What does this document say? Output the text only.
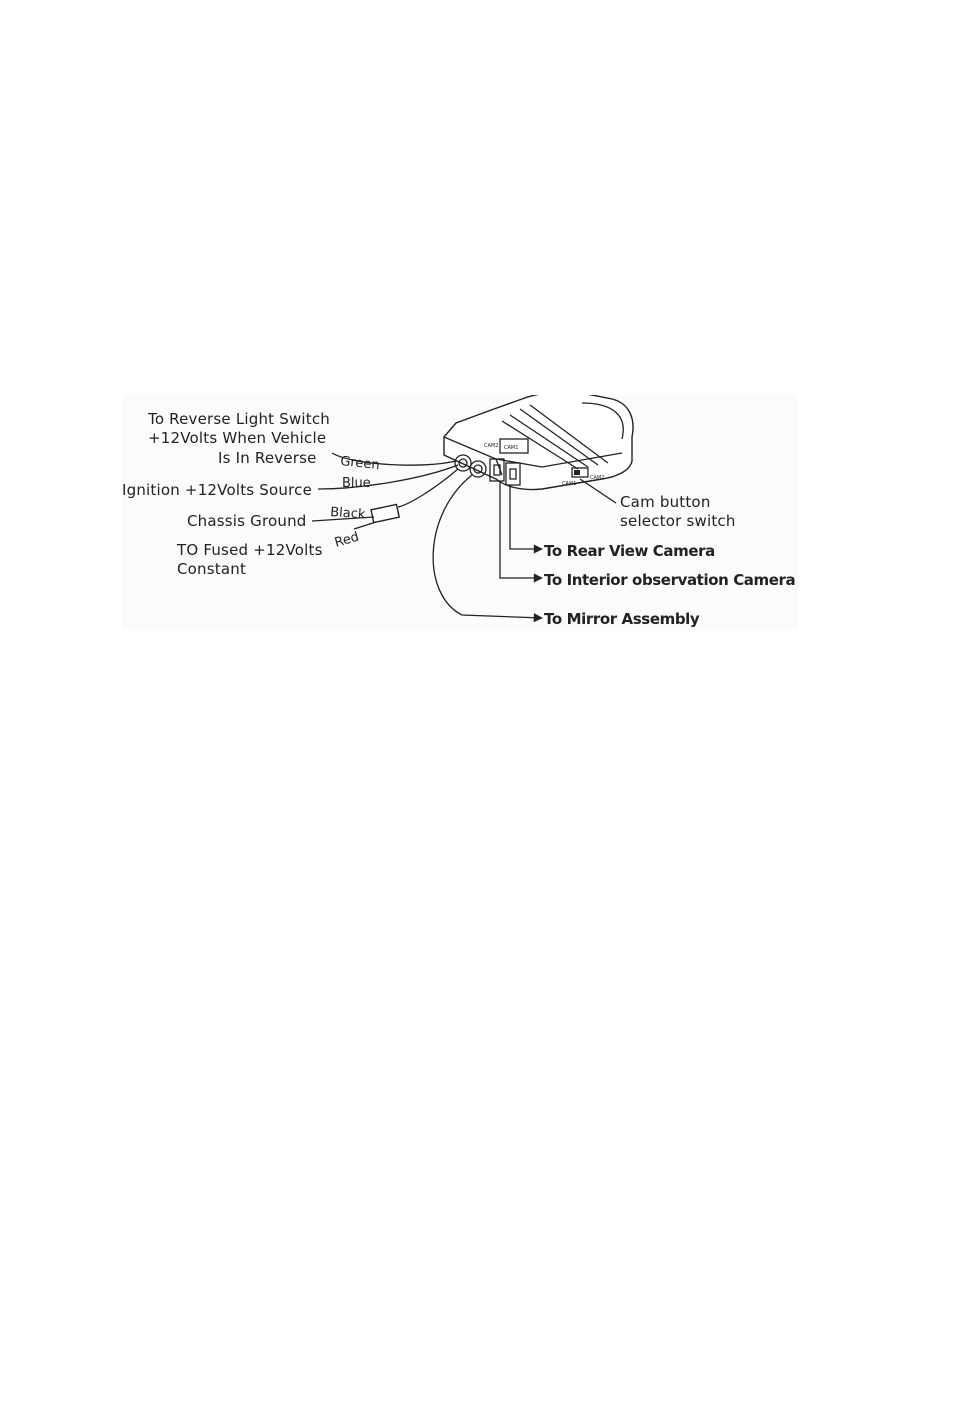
CAM2 CAM1
CAM1
CAM2
To Reverse Light Switch
+12Volts When Vehicle
Is In Reverse
Ignition +12Volts Source
Chassis Ground
TO Fused +12Volts
Constant
Green
Blue
Black
Red
Cam button
selector switch
To Rear View Camera
To Interior observation Camera
To Mirror Assembly
